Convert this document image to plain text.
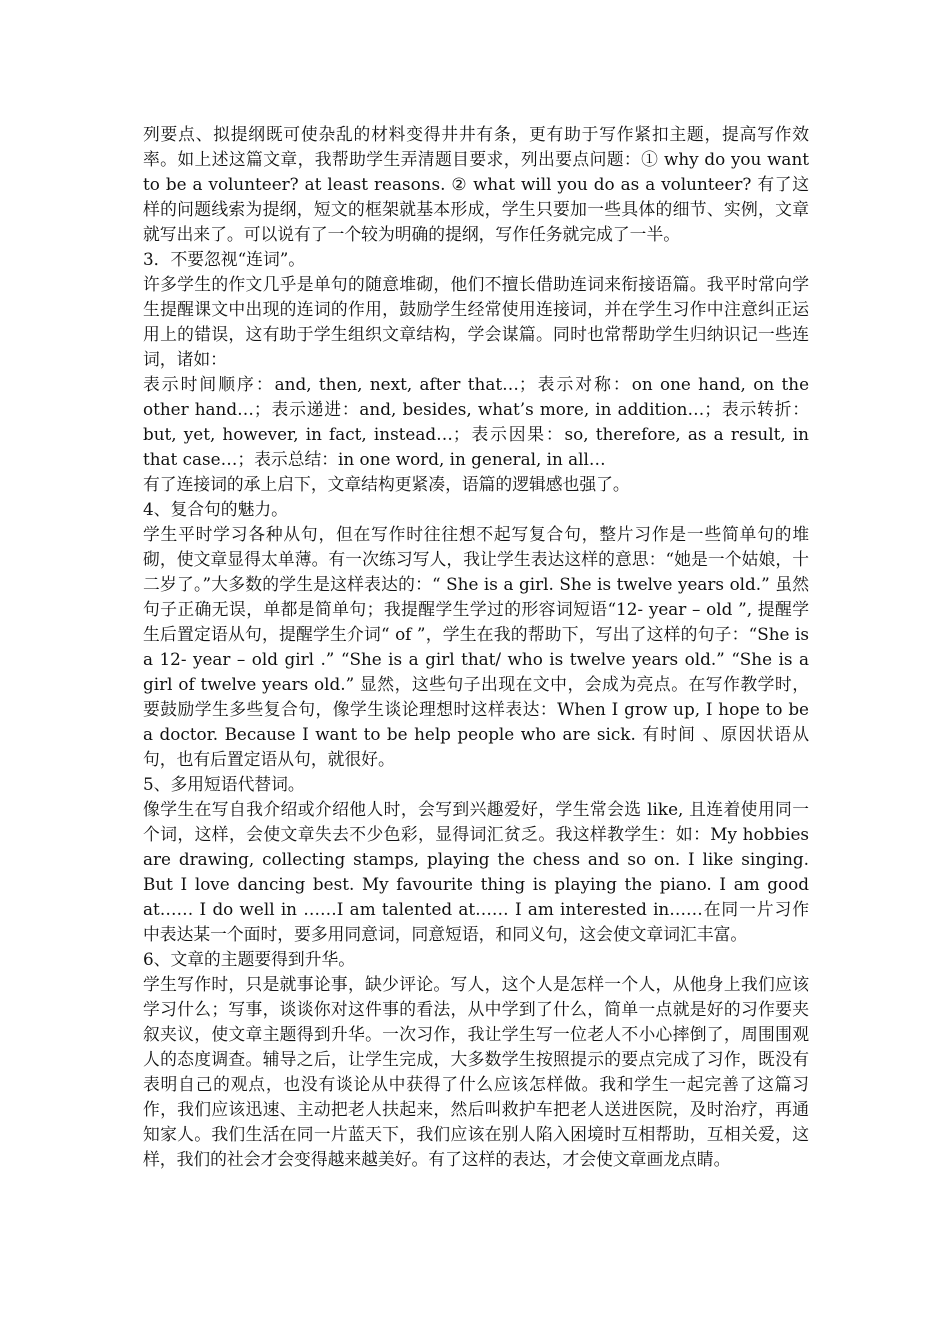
列要点、拟提纲既可使杂乱的材料变得井井有条，更有助于写作紧扣主题，提高写作效率。如上述这篇文章，我帮助学生弄清题目要求，列出要点问题：① why do you want to be a volunteer? at least reasons. ② what will you do as a volunteer? 有了这样的问题线索为提纲，短文的框架就基本形成，学生只要加一些具体的细节、实例，文章就写出来了。可以说有了一个较为明确的提纲，写作任务就完成了一半。

3．不要忽视“连词”。

许多学生的作文几乎是单句的随意堆砌，他们不擅长借助连词来衔接语篇。我平时常向学生提醒课文中出现的连词的作用，鼓励学生经常使用连接词，并在学生习作中注意纠正运用上的错误，这有助于学生组织文章结构，学会谋篇。同时也常帮助学生归纳识记一些连词，诸如：

表示时间顺序：and, then, next, after that…；表示对称：on one hand, on the other hand…；表示递进：and, besides, what’s more, in addition…；表示转折：but, yet, however, in fact, instead…；表示因果：so, therefore, as a result, in that case…；表示总结：in one word, in general, in all…

有了连接词的承上启下，文章结构更紧凑，语篇的逻辑感也强了。

4、复合句的魅力。

学生平时学习各种从句，但在写作时往往想不起写复合句，整片习作是一些简单句的堆砌，使文章显得太单薄。有一次练习写人，我让学生表达这样的意思：“她是一个姑娘，十二岁了。”大多数的学生是这样表达的：“ She is a girl. She is twelve years old.” 虽然句子正确无误，单都是简单句；我提醒学生学过的形容词短语“12- year – old ”, 提醒学生后置定语从句，提醒学生介词“ of ”，学生在我的帮助下，写出了这样的句子：“She is a 12- year – old girl .” “She is a girl that/ who is twelve years old.” “She is a girl of twelve years old.” 显然，这些句子出现在文中，会成为亮点。在写作教学时，要鼓励学生多些复合句，像学生谈论理想时这样表达：When I grow up, I hope to be a doctor. Because I want to be help people who are sick. 有时间 、原因状语从句，也有后置定语从句，就很好。

5、多用短语代替词。

像学生在写自我介绍或介绍他人时，会写到兴趣爱好，学生常会选 like, 且连着使用同一个词，这样，会使文章失去不少色彩，显得词汇贫乏。我这样教学生：如：My hobbies are drawing, collecting stamps, playing the chess and so on. I like singing. But I love dancing best. My favourite thing is playing the piano. I am good at…… I do well in ……I am talented at…… I am interested in……在同一片习作中表达某一个面时，要多用同意词，同意短语，和同义句，这会使文章词汇丰富。

6、文章的主题要得到升华。

学生写作时，只是就事论事，缺少评论。写人，这个人是怎样一个人，从他身上我们应该学习什么；写事，谈谈你对这件事的看法，从中学到了什么，简单一点就是好的习作要夹叙夹议，使文章主题得到升华。一次习作，我让学生写一位老人不小心摔倒了，周围围观人的态度调查。辅导之后，让学生完成，大多数学生按照提示的要点完成了习作，既没有表明自己的观点，也没有谈论从中获得了什么应该怎样做。我和学生一起完善了这篇习作，我们应该迅速、主动把老人扶起来，然后叫救护车把老人送进医院，及时治疗，再通知家人。我们生活在同一片蓝天下，我们应该在别人陷入困境时互相帮助，互相关爱，这样，我们的社会才会变得越来越美好。有了这样的表达，才会使文章画龙点睛。
